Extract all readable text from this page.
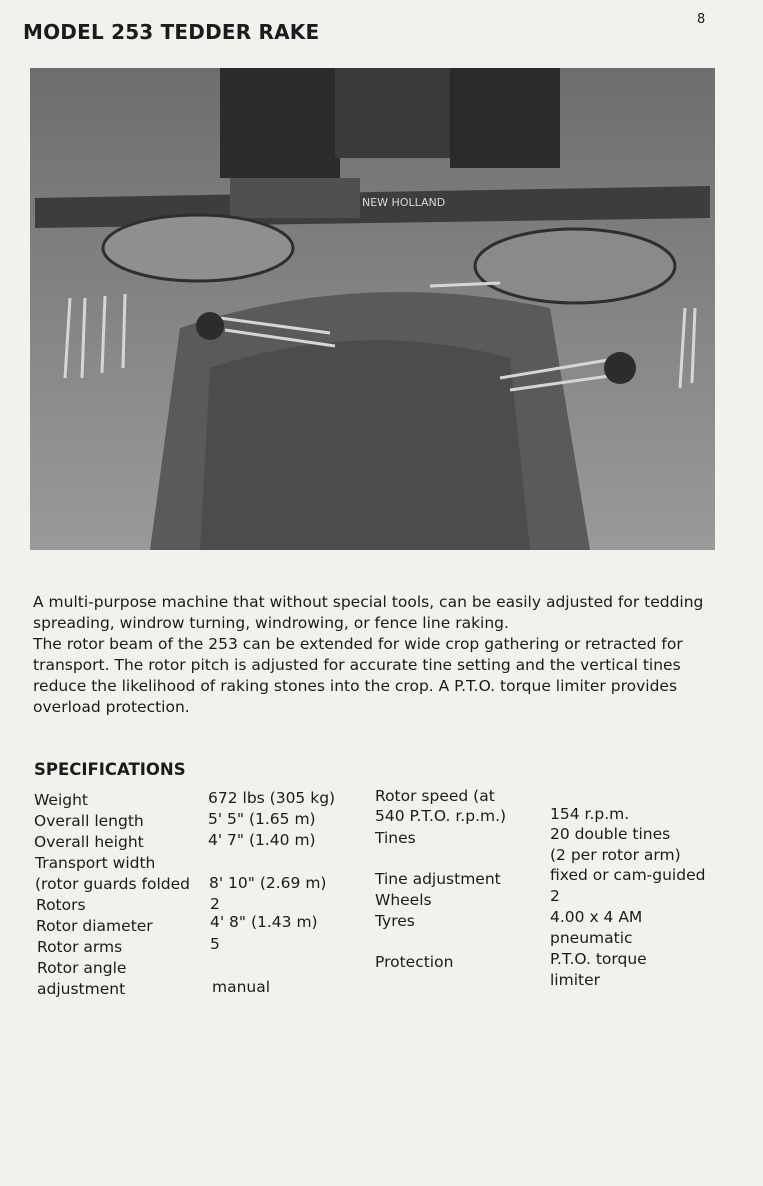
MODEL 253 TEDDER RAKE
8
NEW HOLLAND

A multi-purpose machine that without special tools, can be easily adjusted for tedding spreading, windrow turning, windrowing, or fence line raking.

The rotor beam of the 253 can be extended for wide crop gathering or retracted for transport. The rotor pitch is adjusted for accurate tine setting and the vertical tines reduce the likelihood of raking stones into the crop. A P.T.O. torque limiter provides overload protection.

SPECIFICATIONS
Weight
Overall length
Overall height
Transport width
(rotor guards folded
Rotors
Rotor diameter
Rotor arms
Rotor angle
adjustment
672 lbs (305 kg)
5' 5" (1.65 m)
4' 7" (1.40 m)
8' 10" (2.69 m)
2
4' 8" (1.43 m)
5
manual
Rotor speed (at
540 P.T.O. r.p.m.)
Tines
Tine adjustment
Wheels
Tyres
Protection
154 r.p.m.
20 double tines
(2 per rotor arm)
fixed or cam-guided
2
4.00 x 4 AM
pneumatic
P.T.O. torque
limiter
